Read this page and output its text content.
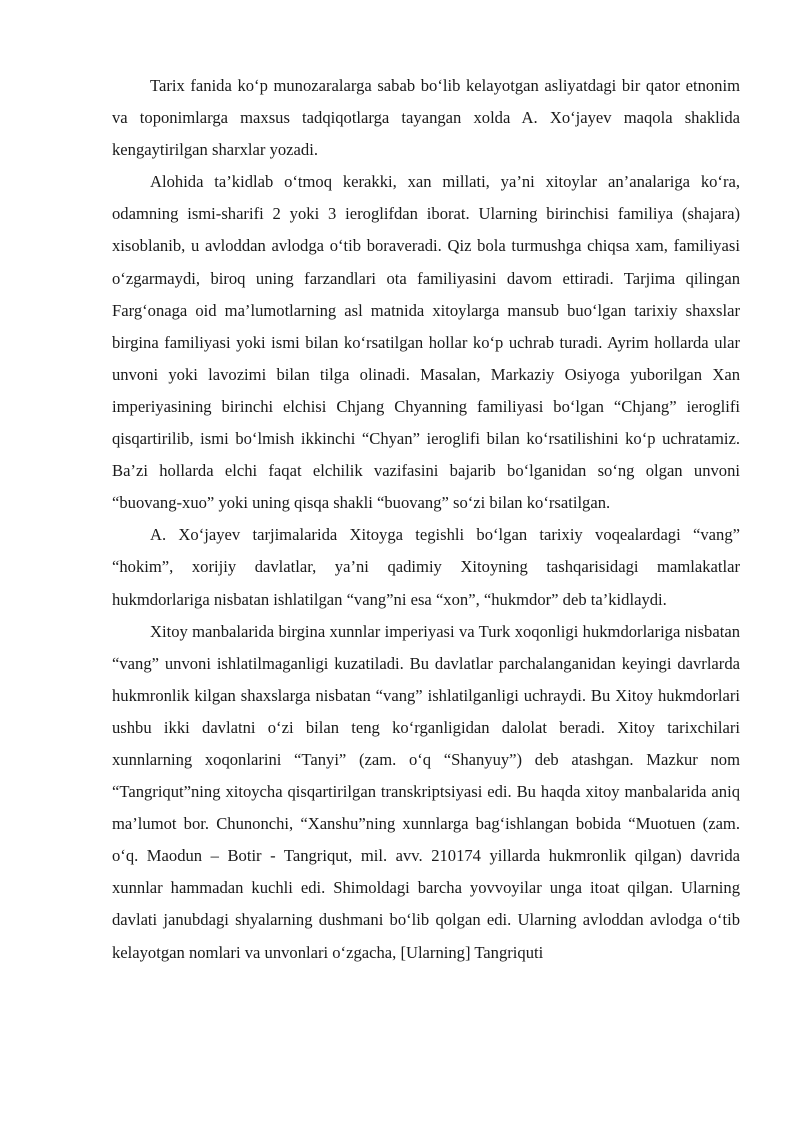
Tarix fanida ko‘p munozaralarga sabab bo‘lib kelayotgan asliyatdagi bir qator etnonim va toponimlarga maxsus tadqiqotlarga tayangan xolda A. Xo‘jayev maqola shaklida kengaytirilgan sharxlar yozadi.

Alohida ta’kidlab o‘tmoq kerakki, xan millati, ya’ni xitoylar an’analariga ko‘ra, odamning ismi-sharifi 2 yoki 3 ieroglifdan iborat. Ularning birinchisi familiya (shajara) xisoblanib, u avloddan avlodga o‘tib boraveradi. Qiz bola turmushga chiqsa xam, familiyasi o‘zgarmaydi, biroq uning farzandlari ota familiyasini davom ettiradi. Tarjima qilingan Farg‘onaga oid ma’lumotlarning asl matnida xitoylarga mansub buo‘lgan tarixiy shaxslar birgina familiyasi yoki ismi bilan ko‘rsatilgan hollar ko‘p uchrab turadi. Ayrim hollarda ular unvoni yoki lavozimi bilan tilga olinadi. Masalan, Markaziy Osiyoga yuborilgan Xan imperiyasining birinchi elchisi Chjang Chyanning familiyasi bo‘lgan “Chjang” ieroglifi qisqartirilib, ismi bo‘lmish ikkinchi “Chyan” ieroglifi bilan ko‘rsatilishini ko‘p uchratamiz. Ba’zi hollarda elchi faqat elchilik vazifasini bajarib bo‘lganidan so‘ng olgan unvoni “buovang-xuo” yoki uning qisqa shakli “buovang” so‘zi bilan ko‘rsatilgan.

A. Xo‘jayev tarjimalarida Xitoyga tegishli bo‘lgan tarixiy voqealardagi “vang” “hokim”, xorijiy davlatlar, ya’ni qadimiy Xitoyning tashqarisidagi mamlakatlar hukmdorlariga nisbatan ishlatilgan “vang”ni esa “xon”, “hukmdor” deb ta’kidlaydi.

Xitoy manbalarida birgina xunnlar imperiyasi va Turk xoqonligi hukmdorlariga nisbatan “vang” unvoni ishlatilmaganligi kuzatiladi. Bu davlatlar parchalanganidan keyingi davrlarda hukmronlik kilgan shaxslarga nisbatan “vang” ishlatilganligi uchraydi. Bu Xitoy hukmdorlari ushbu ikki davlatni o‘zi bilan teng ko‘rganligidan dalolat beradi. Xitoy tarixchilari xunnlarning xoqonlarini “Tanyi” (zam. o‘q “Shanyuy”) deb atashgan. Mazkur nom “Tangriqut”ning xitoycha qisqartirilgan transkriptsiyasi edi. Bu haqda xitoy manbalarida aniq ma’lumot bor. Chunonchi, “Xanshu”ning xunnlarga bag‘ishlangan bobida “Muotuen (zam. o‘q. Maodun – Botir - Tangriqut, mil. avv. 210174 yillarda hukmronlik qilgan) davrida xunnlar hammadan kuchli edi. Shimoldagi barcha yovvoyilar unga itoat qilgan. Ularning davlati janubdagi shyalarning dushmani bo‘lib qolgan edi. Ularning avloddan avlodga o‘tib kelayotgan nomlari va unvonlari o‘zgacha, [Ularning] Tangriquti
